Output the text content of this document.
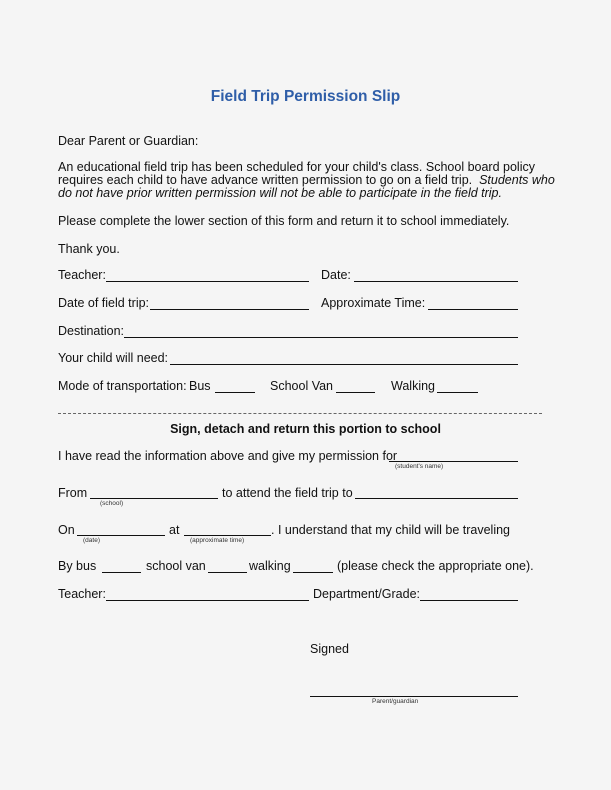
Field Trip Permission Slip
Dear Parent or Guardian:
An educational field trip has been scheduled for your child's class. School board policy
requires each child to have advance written permission to go on a field trip. Students who
do not have prior written permission will not be able to participate in the field trip.
Please complete the lower section of this form and return it to school immediately.
Thank you.
Teacher:	Date:
Date of field trip:	Approximate Time:
Destination:
Your child will need:
Mode of transportation: Bus	School Van	Walking
Sign, detach and return this portion to school
I have read the information above and give my permission for
(student's name)
From
(school)
to attend the field trip to
On
(date)
at
(approximate time)
. I understand that my child will be traveling
By bus	school van	walking	(please check the appropriate one).
Teacher:	Department/Grade:
Signed
Parent/guardian
